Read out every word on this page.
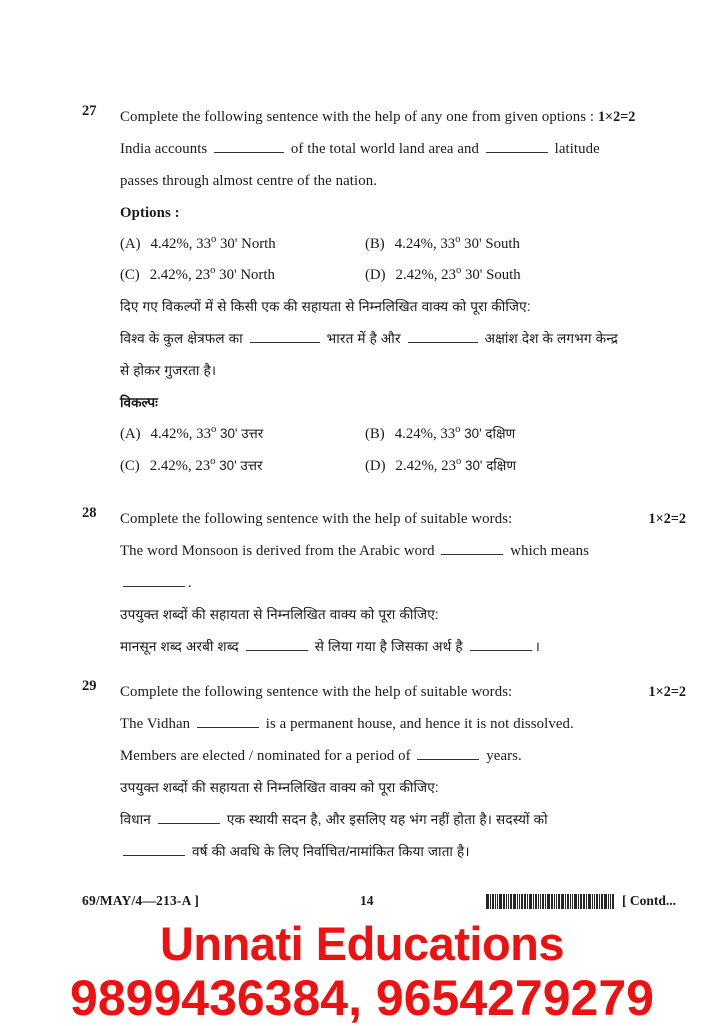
27	Complete the following sentence with the help of any one from given options : 1×2=2
India accounts	of the total world land area and	latitude
passes through almost centre of the nation.
Options :
(A) 4.42%, 33$^o$ 30' North	(B) 4.24%, 33$^o$ 30' South
(C) 2.42%, 23$^o$ 30' North	(D) 2.42%, 23$^o$ 30' South
दिए गए विकल्पों में से किसी एक की सहायता से निम्नलिखित वाक्य को पूरा कीजिए:
विश्व के कुल क्षेत्रफल का	भारत में है और	अक्षांश देश के लगभग केन्द्र
से होकर गुजरता है।
विकल्पः
(A) 4.42%, 33$^o$ 30' उत्तर	(B) 4.24%, 33$^o$ 30' दक्षिण
(C) 2.42%, 23$^o$ 30' उत्तर	(D) 2.42%, 23$^o$ 30' दक्षिण
28	Complete the following sentence with the help of suitable words:	1×2=2
The word Monsoon is derived from the Arabic word	which means
.
उपयुक्त शब्दों की सहायता से निम्नलिखित वाक्य को पूरा कीजिए:
मानसून शब्द अरबी शब्द	से लिया गया है जिसका अर्थ है	।
29	Complete the following sentence with the help of suitable words:	1×2=2
The Vidhan	is a permanent house, and hence it is not dissolved.
Members are elected / nominated for a period of	years.
उपयुक्त शब्दों की सहायता से निम्नलिखित वाक्य को पूरा कीजिए:
विधान	एक स्थायी सदन है, और इसलिए यह भंग नहीं होता है। सदस्यों को
वर्ष की अवधि के लिए निर्वाचित/नामांकित किया जाता है।
69/MAY/4—213-A ]	14	[ Contd...
Unnati Educations
9899436384, 9654279279
